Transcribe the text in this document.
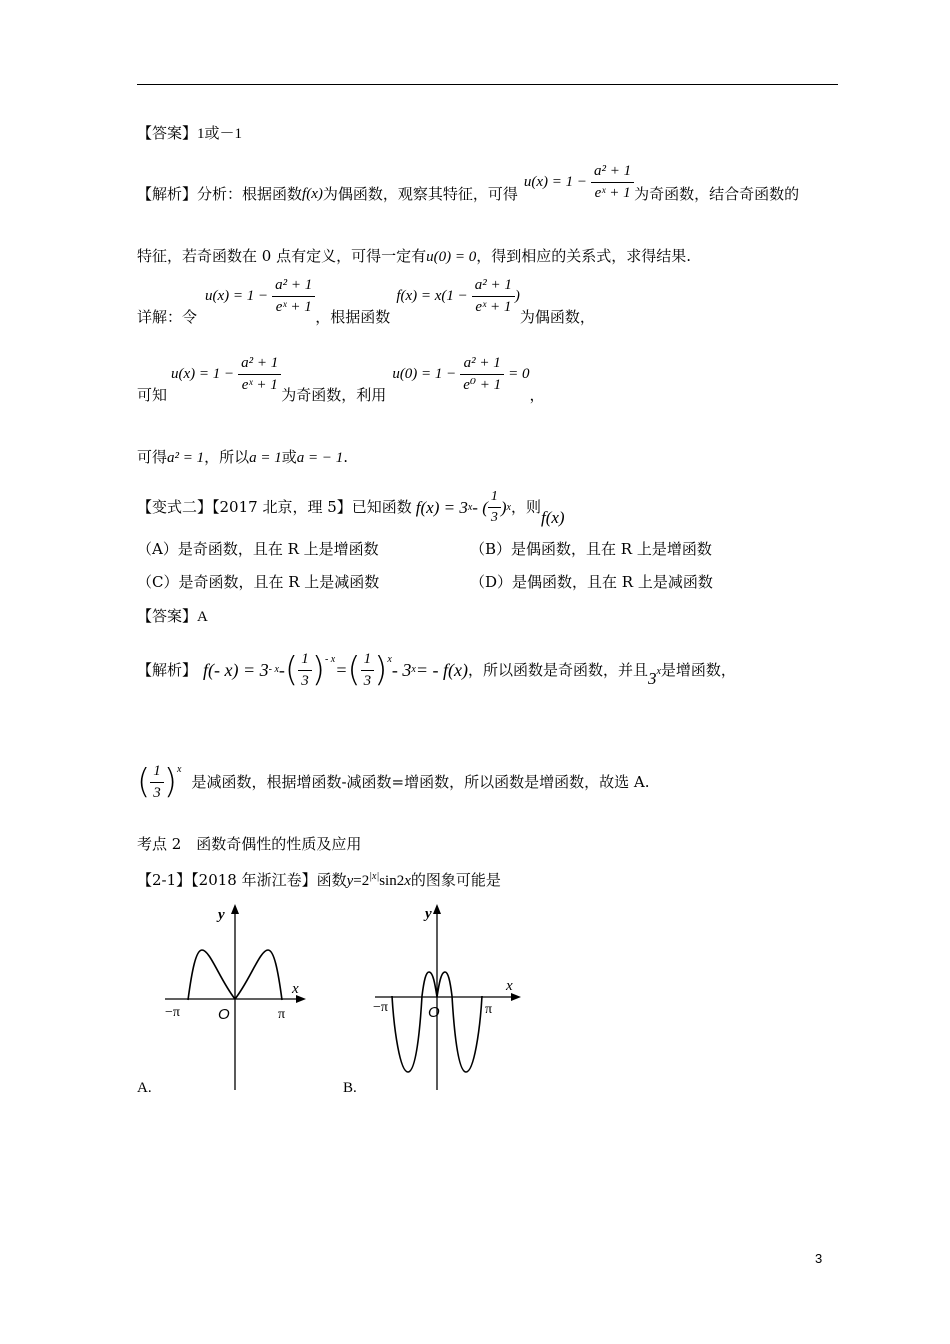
【答案】1或－1
【解析】 分析：根据函数 f(x) 为偶函数，观察其特征，可得
$u(x) = 1 - \frac{\text{a² + 1}}{\text{eˣ + 1}}$ 为奇函数，结合奇函数的
特征，若奇函数在 0 点有定义，可得一定有u(0) = 0，得到相应的关系式，求得结果.
详解：令
$u(x) = 1 - \frac{\text{a² + 1}}{\text{eˣ + 1}}$
，根据函数
$f(x) = x(1 - \frac{\text{a² + 1}}{\text{eˣ + 1}}$ )
为偶函数，
可知
$u(x) = 1 - \frac{\text{a² + 1}}{\text{eˣ + 1}}$
为奇函数，利用
$u(0) = 1 - \frac{\text{a² + 1}}{\text{e⁰ + 1}} = 0$
，
可得a² = 1，所以a = 1或a = − 1.
【变式二】【2017 北京，理 5】已知函数 f(x) = 3 x - ( $\frac{1}{3}$ ) x ，则
f(x)
（A）是奇函数，且在 R 上是增函数	（B）是偶函数，且在 R 上是增函数
（C）是奇函数，且在 R 上是减函数	（D）是偶函数，且在 R 上是减函数
【答案】A
【解析】 f(- x) = 3 - x - ( $\frac{1}{3} )^{- x}$
= ( $\frac{1}{3} )^x$
- 3 x = - f(x) ，所以函数是奇函数，并且 3$^x$ 是增函数，
( $\frac{1}{3} )^x$
是减函数，根据增函数-减函数=增函数，所以函数是增函数，故选 A.
考点 2　函数奇偶性的性质及应用
【2-1】【2018 年浙江卷】函数$y=2^{|x|}\sin 2x$的图象可能是
y
x
O
−π	π
A.
y
x
O
−π	π
B.
3
